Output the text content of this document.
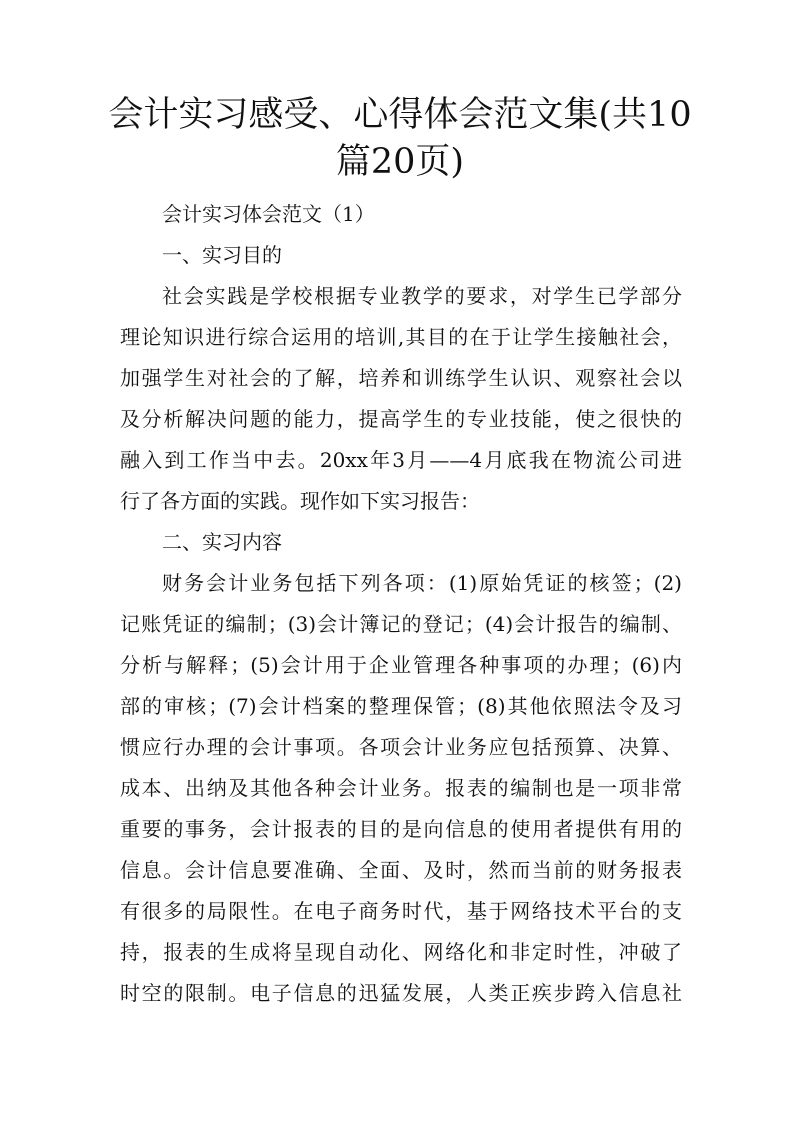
会计实习感受、心得体会范文集(共10
篇20页)
会计实习体会范文（1）
一、实习目的
社会实践是学校根据专业教学的要求，对学生已学部分
理论知识进行综合运用的培训,其目的在于让学生接触社会，
加强学生对社会的了解，培养和训练学生认识、观察社会以
及分析解决问题的能力，提高学生的专业技能，使之很快的
融入到工作当中去。20xx年3月——4月底我在物流公司进
行了各方面的实践。现作如下实习报告：
二、实习内容
财务会计业务包括下列各项：(1)原始凭证的核签；(2)
记账凭证的编制；(3)会计簿记的登记；(4)会计报告的编制、
分析与解释；(5)会计用于企业管理各种事项的办理；(6)内
部的审核；(7)会计档案的整理保管；(8)其他依照法令及习
惯应行办理的会计事项。各项会计业务应包括预算、决算、
成本、出纳及其他各种会计业务。报表的编制也是一项非常
重要的事务，会计报表的目的是向信息的使用者提供有用的
信息。会计信息要准确、全面、及时，然而当前的财务报表
有很多的局限性。在电子商务时代，基于网络技术平台的支
持，报表的生成将呈现自动化、网络化和非定时性，冲破了
时空的限制。电子信息的迅猛发展，人类正疾步跨入信息社
